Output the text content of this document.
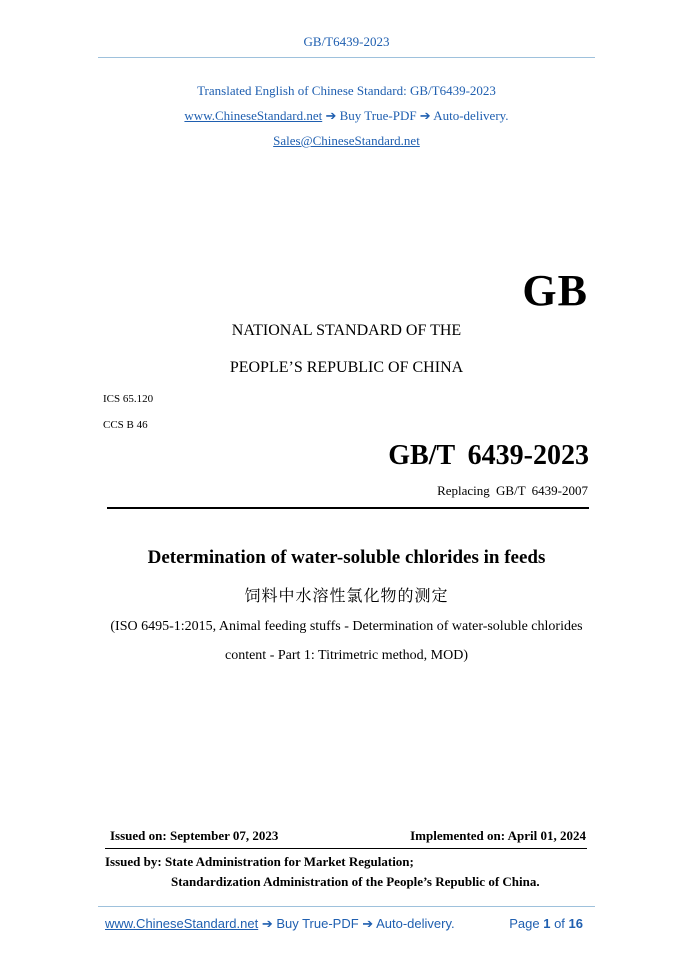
GB/T6439-2023
Translated English of Chinese Standard: GB/T6439-2023
www.ChineseStandard.net ➔ Buy True-PDF ➔ Auto-delivery.
Sales@ChineseStandard.net
GB
NATIONAL STANDARD OF THE
PEOPLE’S REPUBLIC OF CHINA
ICS 65.120
CCS B 46
GB/T 6439-2023
Replacing GB/T 6439-2007
Determination of water-soluble chlorides in feeds
饲料中水溶性氯化物的测定
(ISO 6495-1:2015, Animal feeding stuffs - Determination of water-soluble chlorides
content - Part 1: Titrimetric method, MOD)
Issued on: September 07, 2023	Implemented on: April 01, 2024
Issued by: State Administration for Market Regulation;
Standardization Administration of the People’s Republic of China.
www.ChineseStandard.net ➔ Buy True-PDF ➔ Auto-delivery.	Page 1 of 16
